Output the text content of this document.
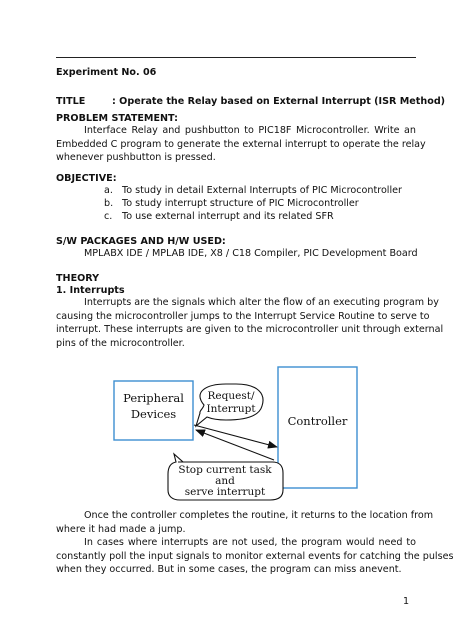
Experiment No. 06
TITLE	: Operate the Relay based on External Interrupt (ISR Method)
PROBLEM STATEMENT:
Interface Relay and pushbutton to PIC18F Microcontroller. Write an
Embedded C program to generate the external interrupt to operate the relay
whenever pushbutton is pressed.
OBJECTIVE:
a. To study in detail External Interrupts of PIC Microcontroller
b. To study interrupt structure of PIC Microcontroller
c. To use external interrupt and its related SFR
S/W PACKAGES AND H/W USED:
MPLABX IDE / MPLAB IDE, X8 / C18 Compiler, PIC Development Board
THEORY
1. Interrupts
Interrupts are the signals which alter the flow of an executing program by
causing the microcontroller jumps to the Interrupt Service Routine to serve to
interrupt. These interrupts are given to the microcontroller unit through external
pins of the microcontroller.
Peripheral
Devices	Controller
Request/
Interrupt
Stop current task
and
serve interrupt
Once the controller completes the routine, it returns to the location from
where it had made a jump.
In cases where interrupts are not used, the program would need to
constantly poll the input signals to monitor external events for catching the pulses
when they occurred. But in some cases, the program can miss anevent.
1
